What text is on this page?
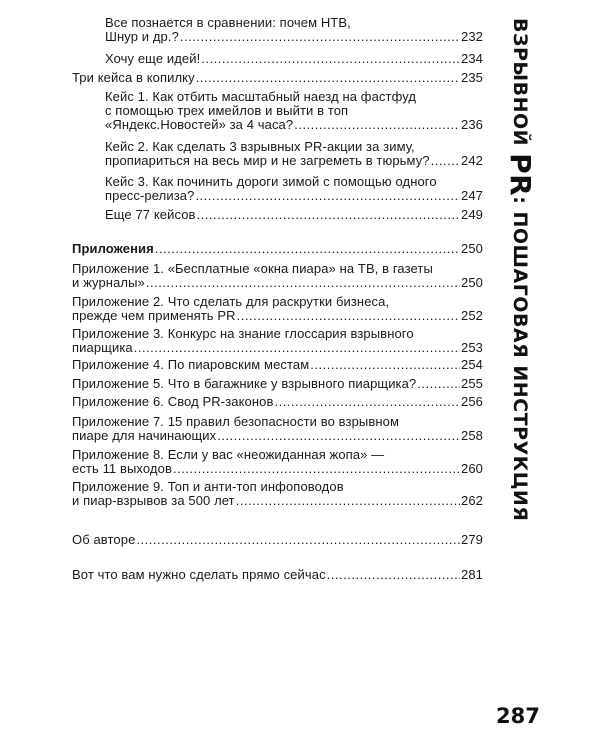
Все познается в сравнении: почем НТВ,
Шнур и др.? .....	232
Хочу еще идей! .....	234
Три кейса в копилку .....	235
Кейс 1. Как отбить масштабный наезд на фастфуд
с помощью трех имейлов и выйти в топ
«Яндекс.Новостей» за 4 часа? .....	236
Кейс 2. Как сделать 3 взрывных PR-акции за зиму,
пропиариться на весь мир и не загреметь в тюрьму? ..... 242
Кейс 3. Как починить дороги зимой с помощью одного
пресс-релиза? .....	247
Еще 77 кейсов .....	249
Приложения .....	250
Приложение 1. «Бесплатные «окна пиара» на ТВ, в газеты
и журналы» .....	250
Приложение 2. Что сделать для раскрутки бизнеса,
прежде чем применять PR .....	252
Приложение 3. Конкурс на знание глоссария взрывного
пиарщика .....	253
Приложение 4. По пиаровским местам .....	254
Приложение 5. Что в багажнике у взрывного пиарщика? .....	255
Приложение 6. Свод PR-законов .....	256
Приложение 7. 15 правил безопасности во взрывном
пиаре для начинающих .....	258
Приложение 8. Если у вас «неожиданная жопа» —
есть 11 выходов .....	260
Приложение 9. Топ и анти-топ инфоповодов
и пиар-взрывов за 500 лет .....	262
Об авторе .....	279
Вот что вам нужно сделать прямо сейчас .....	281
ВЗРЫВНОЙ PR: ПОШАГОВАЯ ИНСТРУКЦИЯ
287
